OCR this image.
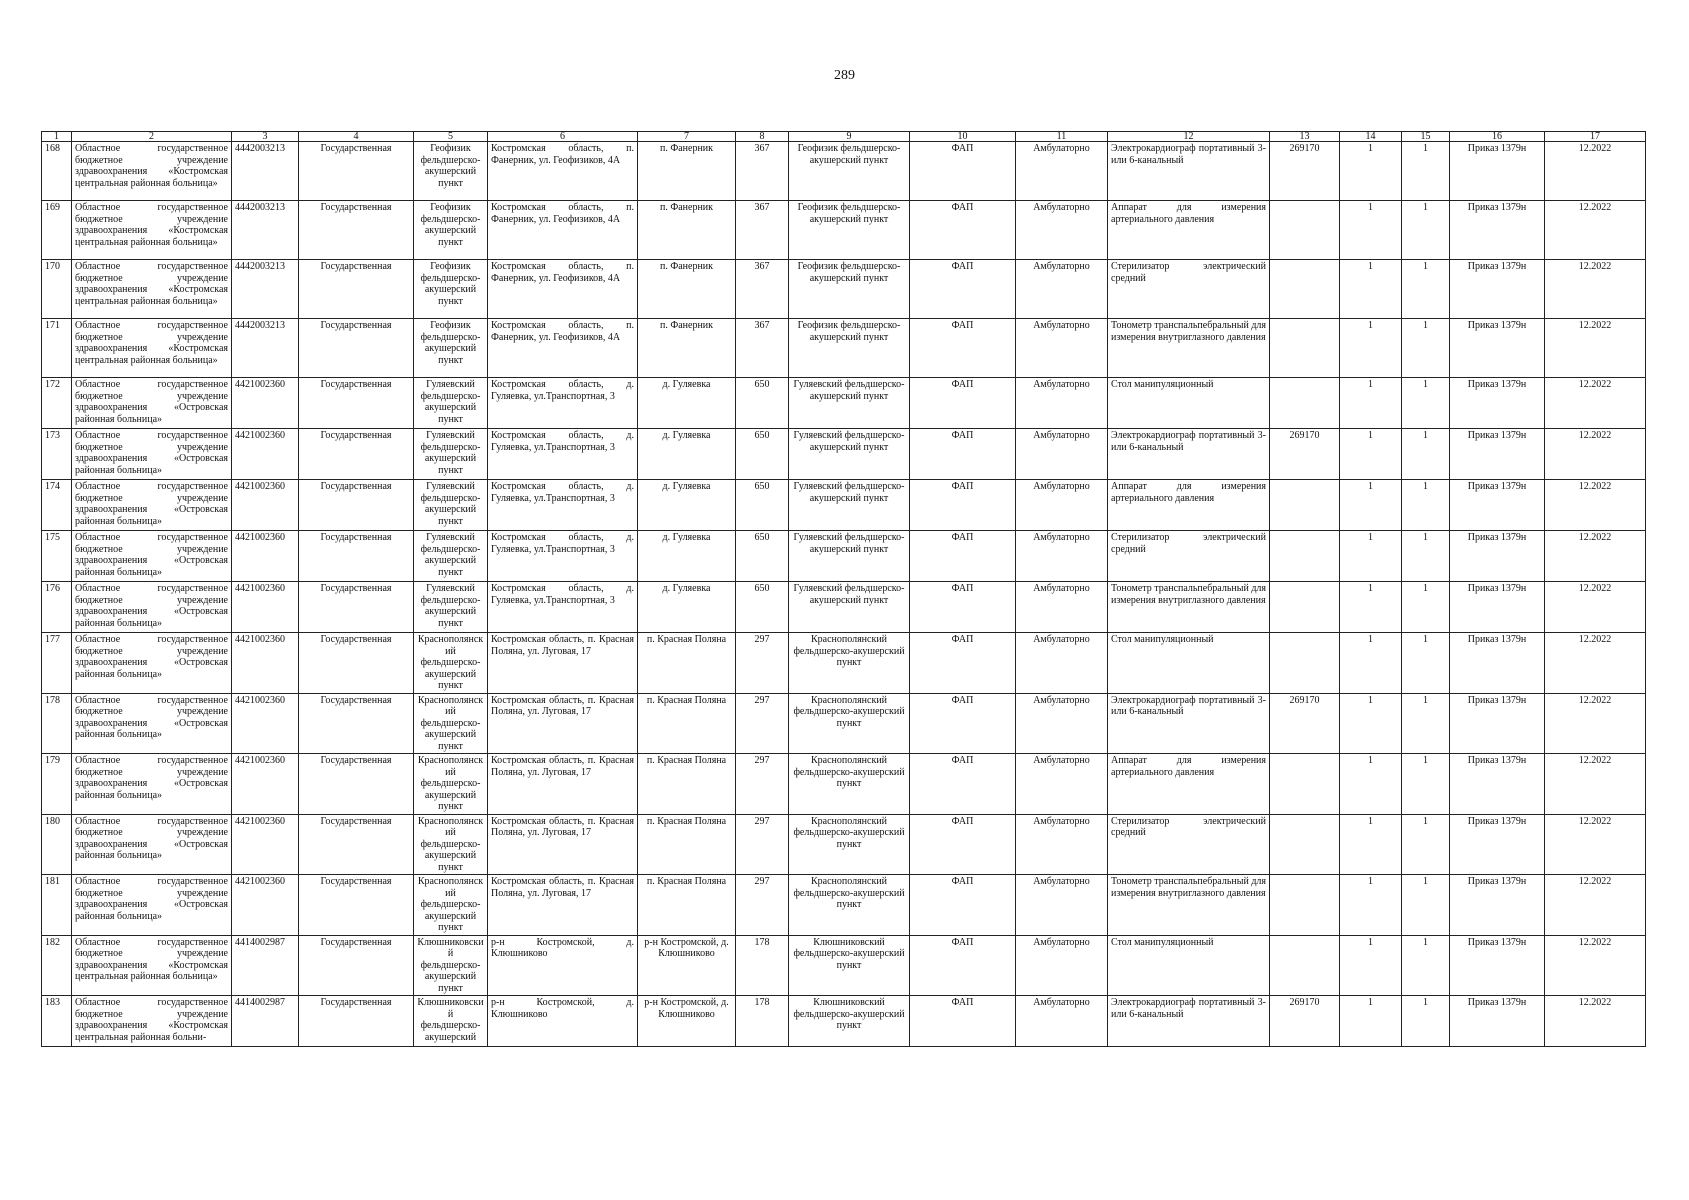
289
1	2	3	4	5	6	7	8	9	10	11	12	13	14	15	16	17
168	Областное государственное бюджетное учреждение здравоохранения «Костромская центральная районная больница»	4442003213	Государственная	Геофизик фельдшерско-акушерский пункт	Костромская область, п. Фанерник, ул. Геофизиков, 4А	п. Фанерник	367	Геофизик фельдшерско-акушерский пункт	ФАП	Амбулаторно	Электрокардиограф портативный 3- или 6-канальный	269170	1	1	Приказ 1379н	12.2022
169	Областное государственное бюджетное учреждение здравоохранения «Костромская центральная районная больница»	4442003213	Государственная	Геофизик фельдшерско-акушерский пункт	Костромская область, п. Фанерник, ул. Геофизиков, 4А	п. Фанерник	367	Геофизик фельдшерско-акушерский пункт	ФАП	Амбулаторно	Аппарат для измерения артериального давления		1	1	Приказ 1379н	12.2022
170	Областное государственное бюджетное учреждение здравоохранения «Костромская центральная районная больница»	4442003213	Государственная	Геофизик фельдшерско-акушерский пункт	Костромская область, п. Фанерник, ул. Геофизиков, 4А	п. Фанерник	367	Геофизик фельдшерско-акушерский пункт	ФАП	Амбулаторно	Стерилизатор электрический средний		1	1	Приказ 1379н	12.2022
171	Областное государственное бюджетное учреждение здравоохранения «Костромская центральная районная больница»	4442003213	Государственная	Геофизик фельдшерско-акушерский пункт	Костромская область, п. Фанерник, ул. Геофизиков, 4А	п. Фанерник	367	Геофизик фельдшерско-акушерский пункт	ФАП	Амбулаторно	Тонометр транспальпебральный для измерения внутриглазного давления		1	1	Приказ 1379н	12.2022
172	Областное государственное бюджетное учреждение здравоохранения «Островская районная больница»	4421002360	Государственная	Гуляевский фельдшерско-акушерский пункт	Костромская область, д. Гуляевка, ул.Транспортная, 3	д. Гуляевка	650	Гуляевский фельдшерско-акушерский пункт	ФАП	Амбулаторно	Стол манипуляционный		1	1	Приказ 1379н	12.2022
173	Областное государственное бюджетное учреждение здравоохранения «Островская районная больница»	4421002360	Государственная	Гуляевский фельдшерско-акушерский пункт	Костромская область, д. Гуляевка, ул.Транспортная, 3	д. Гуляевка	650	Гуляевский фельдшерско-акушерский пункт	ФАП	Амбулаторно	Электрокардиограф портативный 3- или 6-канальный	269170	1	1	Приказ 1379н	12.2022
174	Областное государственное бюджетное учреждение здравоохранения «Островская районная больница»	4421002360	Государственная	Гуляевский фельдшерско-акушерский пункт	Костромская область, д. Гуляевка, ул.Транспортная, 3	д. Гуляевка	650	Гуляевский фельдшерско-акушерский пункт	ФАП	Амбулаторно	Аппарат для измерения артериального давления		1	1	Приказ 1379н	12.2022
175	Областное государственное бюджетное учреждение здравоохранения «Островская районная больница»	4421002360	Государственная	Гуляевский фельдшерско-акушерский пункт	Костромская область, д. Гуляевка, ул.Транспортная, 3	д. Гуляевка	650	Гуляевский фельдшерско-акушерский пункт	ФАП	Амбулаторно	Стерилизатор электрический средний		1	1	Приказ 1379н	12.2022
176	Областное государственное бюджетное учреждение здравоохранения «Островская районная больница»	4421002360	Государственная	Гуляевский фельдшерско-акушерский пункт	Костромская область, д. Гуляевка, ул.Транспортная, 3	д. Гуляевка	650	Гуляевский фельдшерско-акушерский пункт	ФАП	Амбулаторно	Тонометр транспальпебральный для измерения внутриглазного давления		1	1	Приказ 1379н	12.2022
177	Областное государственное бюджетное учреждение здравоохранения «Островская районная больница»	4421002360	Государственная	Краснополянский фельдшерско-акушерский пункт	Костромская область, п. Красная Поляна, ул. Луговая, 17	п. Красная Поляна	297	Краснополянский фельдшерско-акушерский пункт	ФАП	Амбулаторно	Стол манипуляционный		1	1	Приказ 1379н	12.2022
178	Областное государственное бюджетное учреждение здравоохранения «Островская районная больница»	4421002360	Государственная	Краснополянский фельдшерско-акушерский пункт	Костромская область, п. Красная Поляна, ул. Луговая, 17	п. Красная Поляна	297	Краснополянский фельдшерско-акушерский пункт	ФАП	Амбулаторно	Электрокардиограф портативный 3- или 6-канальный	269170	1	1	Приказ 1379н	12.2022
179	Областное государственное бюджетное учреждение здравоохранения «Островская районная больница»	4421002360	Государственная	Краснополянский фельдшерско-акушерский пункт	Костромская область, п. Красная Поляна, ул. Луговая, 17	п. Красная Поляна	297	Краснополянский фельдшерско-акушерский пункт	ФАП	Амбулаторно	Аппарат для измерения артериального давления		1	1	Приказ 1379н	12.2022
180	Областное государственное бюджетное учреждение здравоохранения «Островская районная больница»	4421002360	Государственная	Краснополянский фельдшерско-акушерский пункт	Костромская область, п. Красная Поляна, ул. Луговая, 17	п. Красная Поляна	297	Краснополянский фельдшерско-акушерский пункт	ФАП	Амбулаторно	Стерилизатор электрический средний		1	1	Приказ 1379н	12.2022
181	Областное государственное бюджетное учреждение здравоохранения «Островская районная больница»	4421002360	Государственная	Краснополянский фельдшерско-акушерский пункт	Костромская область, п. Красная Поляна, ул. Луговая, 17	п. Красная Поляна	297	Краснополянский фельдшерско-акушерский пункт	ФАП	Амбулаторно	Тонометр транспальпебральный для измерения внутриглазного давления		1	1	Приказ 1379н	12.2022
182	Областное государственное бюджетное учреждение здравоохранения «Костромская центральная районная больница»	4414002987	Государственная	Клюшниковский фельдшерско-акушерский пункт	р-н Костромской, д. Клюшниково	р-н Костромской, д. Клюшниково	178	Клюшниковский фельдшерско-акушерский пункт	ФАП	Амбулаторно	Стол манипуляционный		1	1	Приказ 1379н	12.2022
183	Областное государственное бюджетное учреждение здравоохранения «Костромская центральная районная больни-	4414002987	Государственная	Клюшниковский фельдшерско-акушерский	р-н Костромской, д. Клюшниково	р-н Костромской, д. Клюшниково	178	Клюшниковский фельдшерско-акушерский пункт	ФАП	Амбулаторно	Электрокардиограф портативный 3- или 6-канальный	269170	1	1	Приказ 1379н	12.2022
